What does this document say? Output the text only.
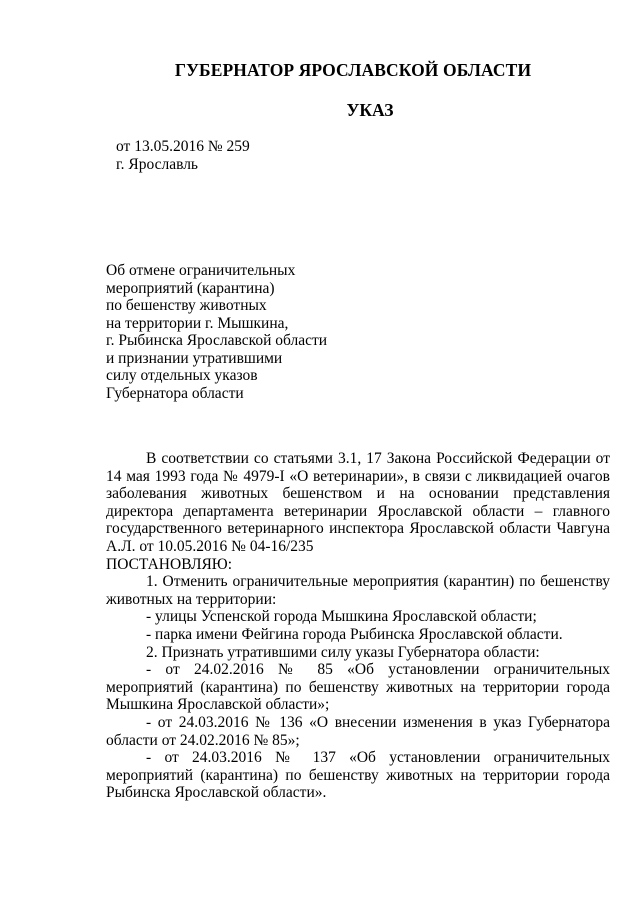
ГУБЕРНАТОР ЯРОСЛАВСКОЙ ОБЛАСТИ
УКАЗ
от 13.05.2016 № 259
г. Ярославль
Об отмене ограничительных
мероприятий (карантина)
по бешенству животных
на территории г. Мышкина,
г. Рыбинска Ярославской области
и признании утратившими
силу отдельных указов
Губернатора области

В соответствии со статьями 3.1, 17 Закона Российской Федерации от 14 мая 1993 года № 4979-I «О ветеринарии», в связи с ликвидацией очагов заболевания животных бешенством и на основании представления директора департамента ветеринарии Ярославской области – главного государственного ветеринарного инспектора Ярославской области Чавгуна А.Л. от 10.05.2016 № 04-16/235

ПОСТАНОВЛЯЮ:

1. Отменить ограничительные мероприятия (карантин) по бешенству животных на территории:

- улицы Успенской города Мышкина Ярославской области;

- парка имени Фейгина города Рыбинска Ярославской области.

2. Признать утратившими силу указы Губернатора области:

- от 24.02.2016 № 85 «Об установлении ограничительных мероприятий (карантина) по бешенству животных на территории города Мышкина Ярославской области»;

- от 24.03.2016 № 136 «О внесении изменения в указ Губернатора области от 24.02.2016 № 85»;

- от 24.03.2016 № 137 «Об установлении ограничительных мероприятий (карантина) по бешенству животных на территории города Рыбинска Ярославской области».
